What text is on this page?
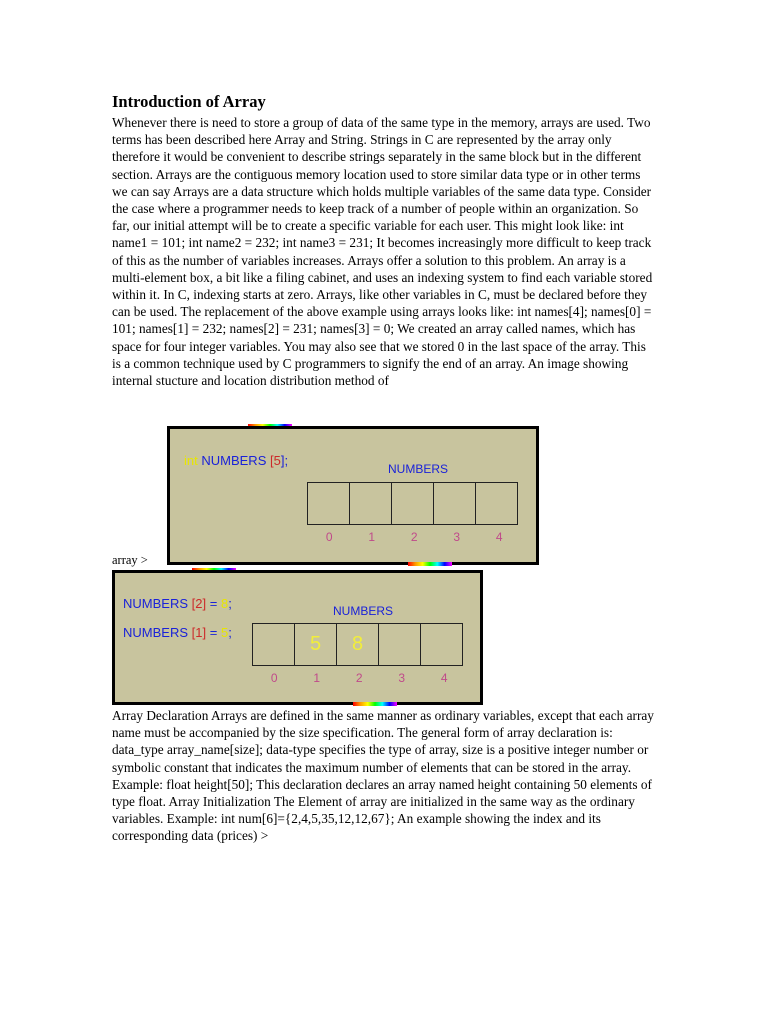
Introduction of Array

Whenever there is need to store a group of data of the same type in the memory, arrays are used. Two terms has been described here Array and String. Strings in C are represented by the array only therefore it would be convenient to describe strings separately in the same block but in the different section. Arrays are the contiguous memory location used to store similar data type or in other terms we can say Arrays are a data structure which holds multiple variables of the same data type. Consider the case where a programmer needs to keep track of a number of people within an organization. So far, our initial attempt will be to create a specific variable for each user. This might look like: int name1 = 101; int name2 = 232; int name3 = 231; It becomes increasingly more difficult to keep track of this as the number of variables increases. Arrays offer a solution to this problem. An array is a multi-element box, a bit like a filing cabinet, and uses an indexing system to find each variable stored within it. In C, indexing starts at zero. Arrays, like other variables in C, must be declared before they can be used. The replacement of the above example using arrays looks like: int names[4]; names[0] = 101; names[1] = 232; names[2] = 231; names[3] = 0; We created an array called names, which has space for four integer variables. You may also see that we stored 0 in the last space of the array. This is a common technique used by C programmers to signify the end of an array. An image showing internal stucture and location distribution method of

int NUMBERS [5];
NUMBERS
0	1	2	3	4

array >

NUMBERS [2] = 8;
NUMBERS [1] = 5;
NUMBERS
5	8
0	1	2	3	4

Array Declaration Arrays are defined in the same manner as ordinary variables, except that each array name must be accompanied by the size specification. The general form of array declaration is: data_type array_name[size]; data-type specifies the type of array, size is a positive integer number or symbolic constant that indicates the maximum number of elements that can be stored in the array. Example: float height[50]; This declaration declares an array named height containing 50 elements of type float. Array Initialization The Element of array are initialized in the same way as the ordinary variables. Example: int num[6]={2,4,5,35,12,12,67}; An example showing the index and its corresponding data (prices) >
